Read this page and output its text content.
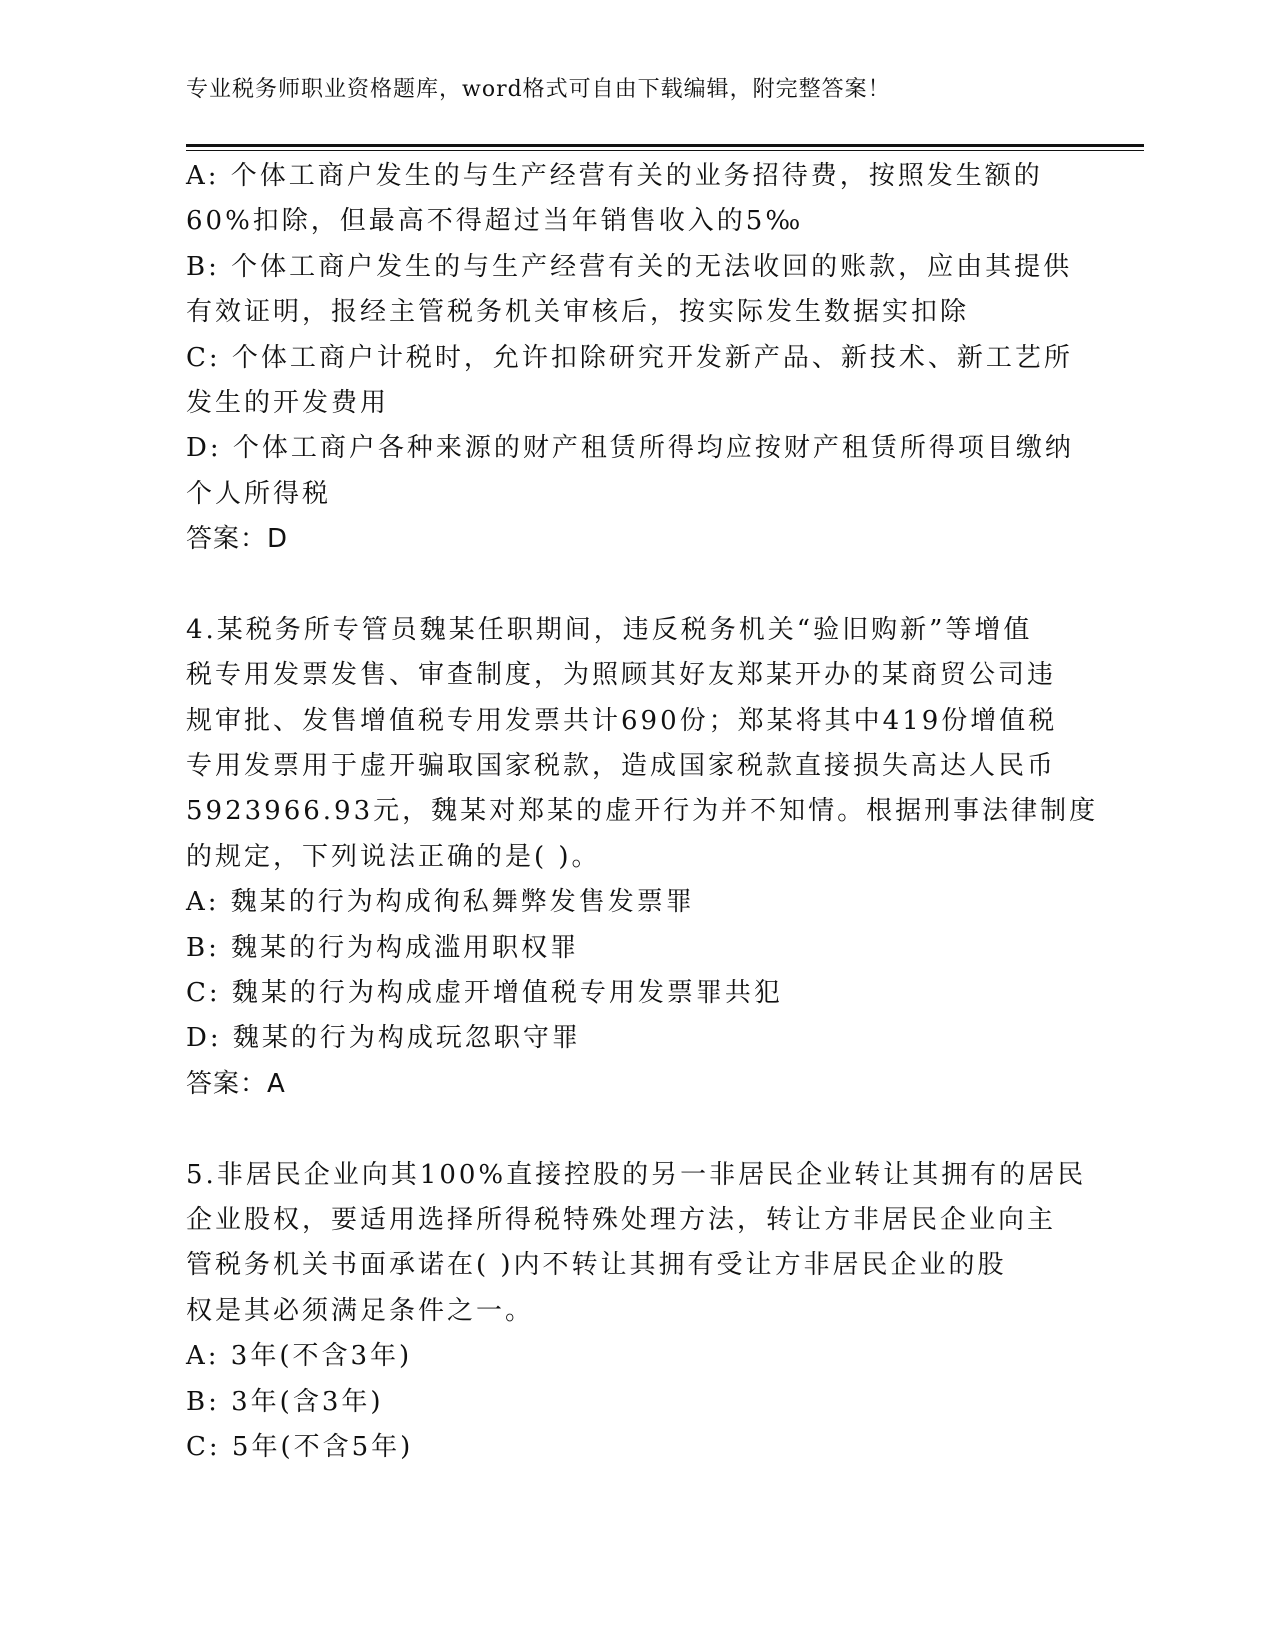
专业税务师职业资格题库，word格式可自由下载编辑，附完整答案！
A: 个体工商户发生的与生产经营有关的业务招待费，按照发生额的
60%扣除，但最高不得超过当年销售收入的5‰
B: 个体工商户发生的与生产经营有关的无法收回的账款，应由其提供
有效证明，报经主管税务机关审核后，按实际发生数据实扣除
C: 个体工商户计税时，允许扣除研究开发新产品、新技术、新工艺所
发生的开发费用
D: 个体工商户各种来源的财产租赁所得均应按财产租赁所得项目缴纳
个人所得税
答案：D
4.某税务所专管员魏某任职期间，违反税务机关“验旧购新”等增值
税专用发票发售、审查制度，为照顾其好友郑某开办的某商贸公司违
规审批、发售增值税专用发票共计690份；郑某将其中419份增值税
专用发票用于虚开骗取国家税款，造成国家税款直接损失高达人民币
5923966.93元，魏某对郑某的虚开行为并不知情。根据刑事法律制度
的规定，下列说法正确的是( )。
A: 魏某的行为构成徇私舞弊发售发票罪
B: 魏某的行为构成滥用职权罪
C: 魏某的行为构成虚开增值税专用发票罪共犯
D: 魏某的行为构成玩忽职守罪
答案：A
5.非居民企业向其100%直接控股的另一非居民企业转让其拥有的居民
企业股权，要适用选择所得税特殊处理方法，转让方非居民企业向主
管税务机关书面承诺在( )内不转让其拥有受让方非居民企业的股
权是其必须满足条件之一。
A: 3年(不含3年)
B: 3年(含3年)
C: 5年(不含5年)
